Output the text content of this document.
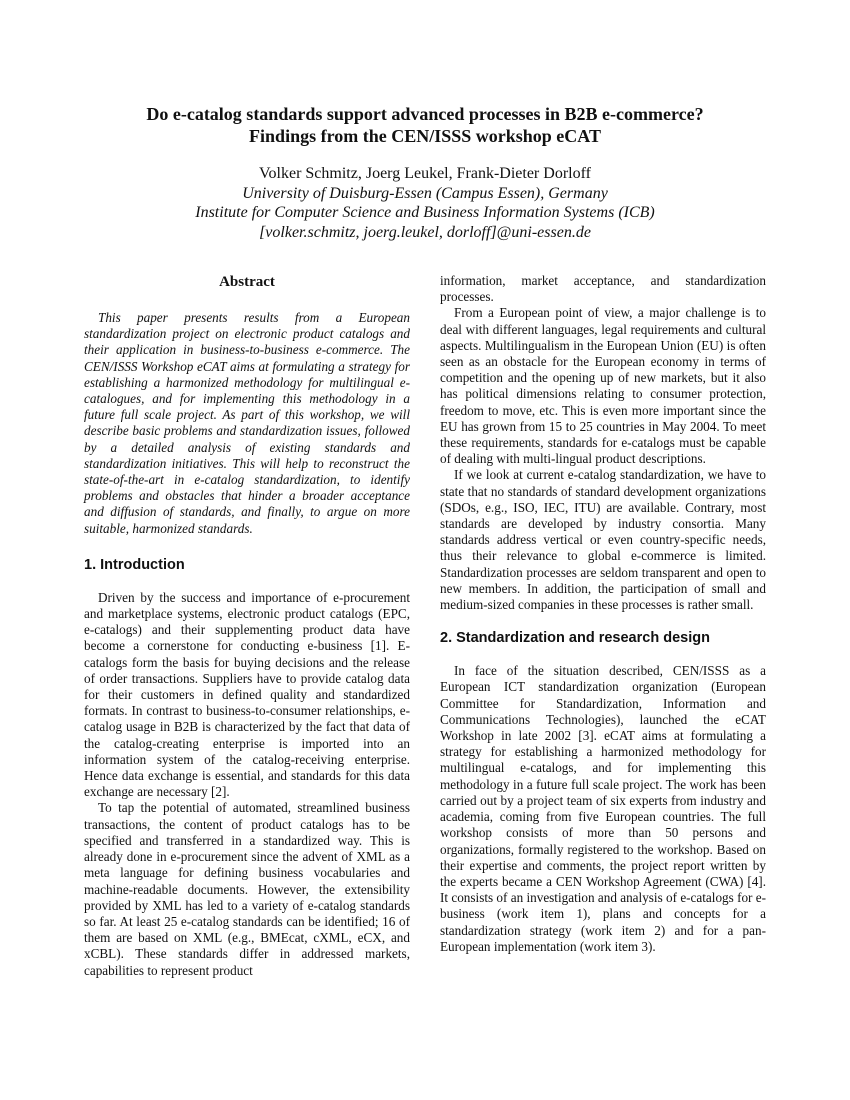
Do e-catalog standards support advanced processes in B2B e-commerce?
Findings from the CEN/ISSS workshop eCAT
Volker Schmitz, Joerg Leukel, Frank-Dieter Dorloff
University of Duisburg-Essen (Campus Essen), Germany
Institute for Computer Science and Business Information Systems (ICB)
[volker.schmitz, joerg.leukel, dorloff]@uni-essen.de
Abstract

This paper presents results from a European standardization project on electronic product catalogs and their application in business-to-business e-commerce. The CEN/ISSS Workshop eCAT aims at formulating a strategy for establishing a harmonized methodology for multilingual e-catalogues, and for implementing this methodology in a future full scale project. As part of this workshop, we will describe basic problems and standardization issues, followed by a detailed analysis of existing standards and standardization initiatives. This will help to reconstruct the state-of-the-art in e-catalog standardization, to identify problems and obstacles that hinder a broader acceptance and diffusion of standards, and finally, to argue on more suitable, harmonized standards.

1. Introduction

Driven by the success and importance of e-procurement and marketplace systems, electronic product catalogs (EPC, e-catalogs) and their supplementing product data have become a cornerstone for conducting e-business [1]. E-catalogs form the basis for buying decisions and the release of order transactions. Suppliers have to provide catalog data for their customers in defined quality and standardized formats. In contrast to business-to-consumer relationships, e-catalog usage in B2B is characterized by the fact that data of the catalog-creating enterprise is imported into an information system of the catalog-receiving enterprise. Hence data exchange is essential, and standards for this data exchange are necessary [2].

To tap the potential of automated, streamlined business transactions, the content of product catalogs has to be specified and transferred in a standardized way. This is already done in e-procurement since the advent of XML as a meta language for defining business vocabularies and machine-readable documents. However, the extensibility provided by XML has led to a variety of e-catalog standards so far. At least 25 e-catalog standards can be identified; 16 of them are based on XML (e.g., BMEcat, cXML, eCX, and xCBL). These standards differ in addressed markets, capabilities to represent product

information, market acceptance, and standardization processes.

From a European point of view, a major challenge is to deal with different languages, legal requirements and cultural aspects. Multilingualism in the European Union (EU) is often seen as an obstacle for the European economy in terms of competition and the opening up of new markets, but it also has political dimensions relating to consumer protection, freedom to move, etc. This is even more important since the EU has grown from 15 to 25 countries in May 2004. To meet these requirements, standards for e-catalogs must be capable of dealing with multi-lingual product descriptions.

If we look at current e-catalog standardization, we have to state that no standards of standard development organizations (SDOs, e.g., ISO, IEC, ITU) are available. Contrary, most standards are developed by industry consortia. Many standards address vertical or even country-specific needs, thus their relevance to global e-commerce is limited. Standardization processes are seldom transparent and open to new members. In addition, the participation of small and medium-sized companies in these processes is rather small.

2. Standardization and research design

In face of the situation described, CEN/ISSS as a European ICT standardization organization (European Committee for Standardization, Information and Communications Technologies), launched the eCAT Workshop in late 2002 [3]. eCAT aims at formulating a strategy for establishing a harmonized methodology for multilingual e-catalogs, and for implementing this methodology in a future full scale project. The work has been carried out by a project team of six experts from industry and academia, coming from five European countries. The full workshop consists of more than 50 persons and organizations, formally registered to the workshop. Based on their expertise and comments, the project report written by the experts became a CEN Workshop Agreement (CWA) [4]. It consists of an investigation and analysis of e-catalogs for e-business (work item 1), plans and concepts for a standardization strategy (work item 2) and for a pan-European implementation (work item 3).
